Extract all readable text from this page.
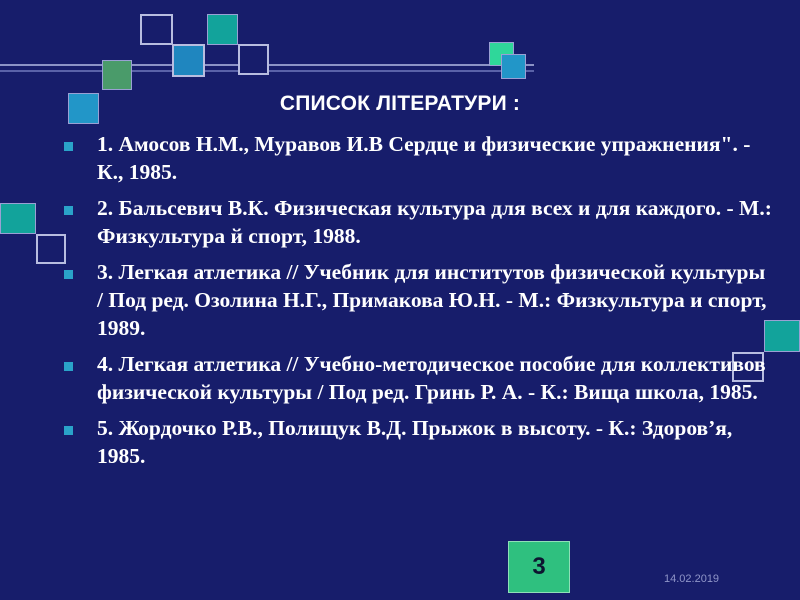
СПИСОК ЛІТЕРАТУРИ :
1. Амосов Н.М., Муравов И.В Сердце и физические упражнения". - К., 1985.
2. Бальсевич В.К. Физическая культура для всех и для каждого. - М.: Физкультура й спорт, 1988.
3. Легкая атлетика // Учебник для институтов физической культуры / Под ред. Озолина Н.Г., Примакова Ю.Н. - М.: Физкультура и спорт, 1989.
4. Легкая атлетика // Учебно-методическое пособие для коллективов физической культуры / Под ред. Гринь Р. А. - К.: Вища школа, 1985.
5. Жордочко Р.В., Полищук В.Д. Прыжок в высоту. - К.: Здоров’я, 1985.
3	14.02.2019
